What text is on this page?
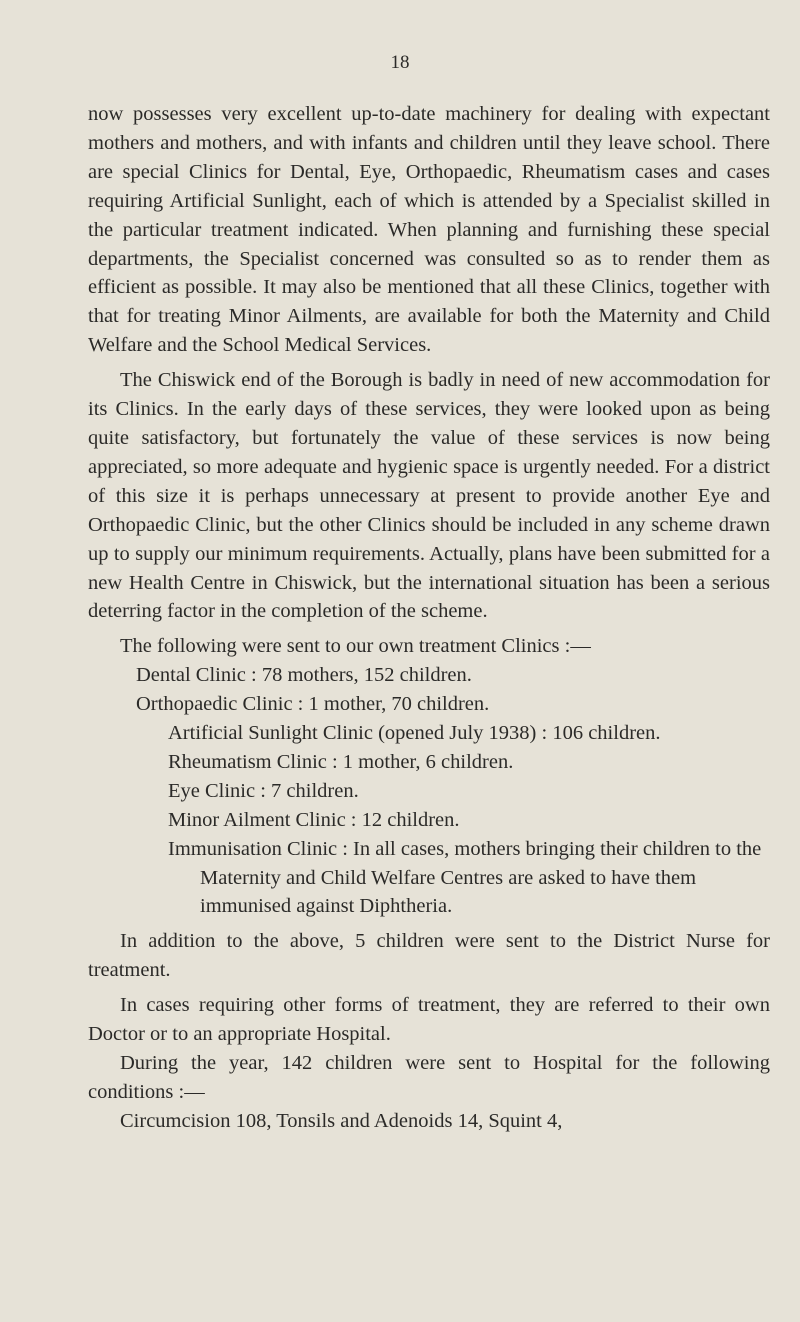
18

now possesses very excellent up-to-date machinery for dealing with expectant mothers and mothers, and with infants and children until they leave school. There are special Clinics for Dental, Eye, Orthopaedic, Rheumatism cases and cases requiring Artificial Sunlight, each of which is attended by a Specialist skilled in the particular treatment indicated. When planning and furnishing these special departments, the Specialist concerned was consulted so as to render them as efficient as possible. It may also be mentioned that all these Clinics, together with that for treating Minor Ailments, are available for both the Maternity and Child Welfare and the School Medical Services.

The Chiswick end of the Borough is badly in need of new accommodation for its Clinics. In the early days of these services, they were looked upon as being quite satisfactory, but fortunately the value of these services is now being appreciated, so more adequate and hygienic space is urgently needed. For a district of this size it is perhaps unnecessary at present to provide another Eye and Orthopaedic Clinic, but the other Clinics should be included in any scheme drawn up to supply our minimum requirements. Actually, plans have been submitted for a new Health Centre in Chiswick, but the international situation has been a serious deterring factor in the completion of the scheme.

The following were sent to our own treatment Clinics :—

Dental Clinic : 78 mothers, 152 children.

Orthopaedic Clinic : 1 mother, 70 children.

Artificial Sunlight Clinic (opened July 1938) : 106 children.

Rheumatism Clinic : 1 mother, 6 children.

Eye Clinic : 7 children.

Minor Ailment Clinic : 12 children.

Immunisation Clinic : In all cases, mothers bringing their children to the Maternity and Child Welfare Centres are asked to have them immunised against Diphtheria.

In addition to the above, 5 children were sent to the District Nurse for treatment.

In cases requiring other forms of treatment, they are referred to their own Doctor or to an appropriate Hospital.

During the year, 142 children were sent to Hospital for the following conditions :—

Circumcision 108, Tonsils and Adenoids 14, Squint 4,
